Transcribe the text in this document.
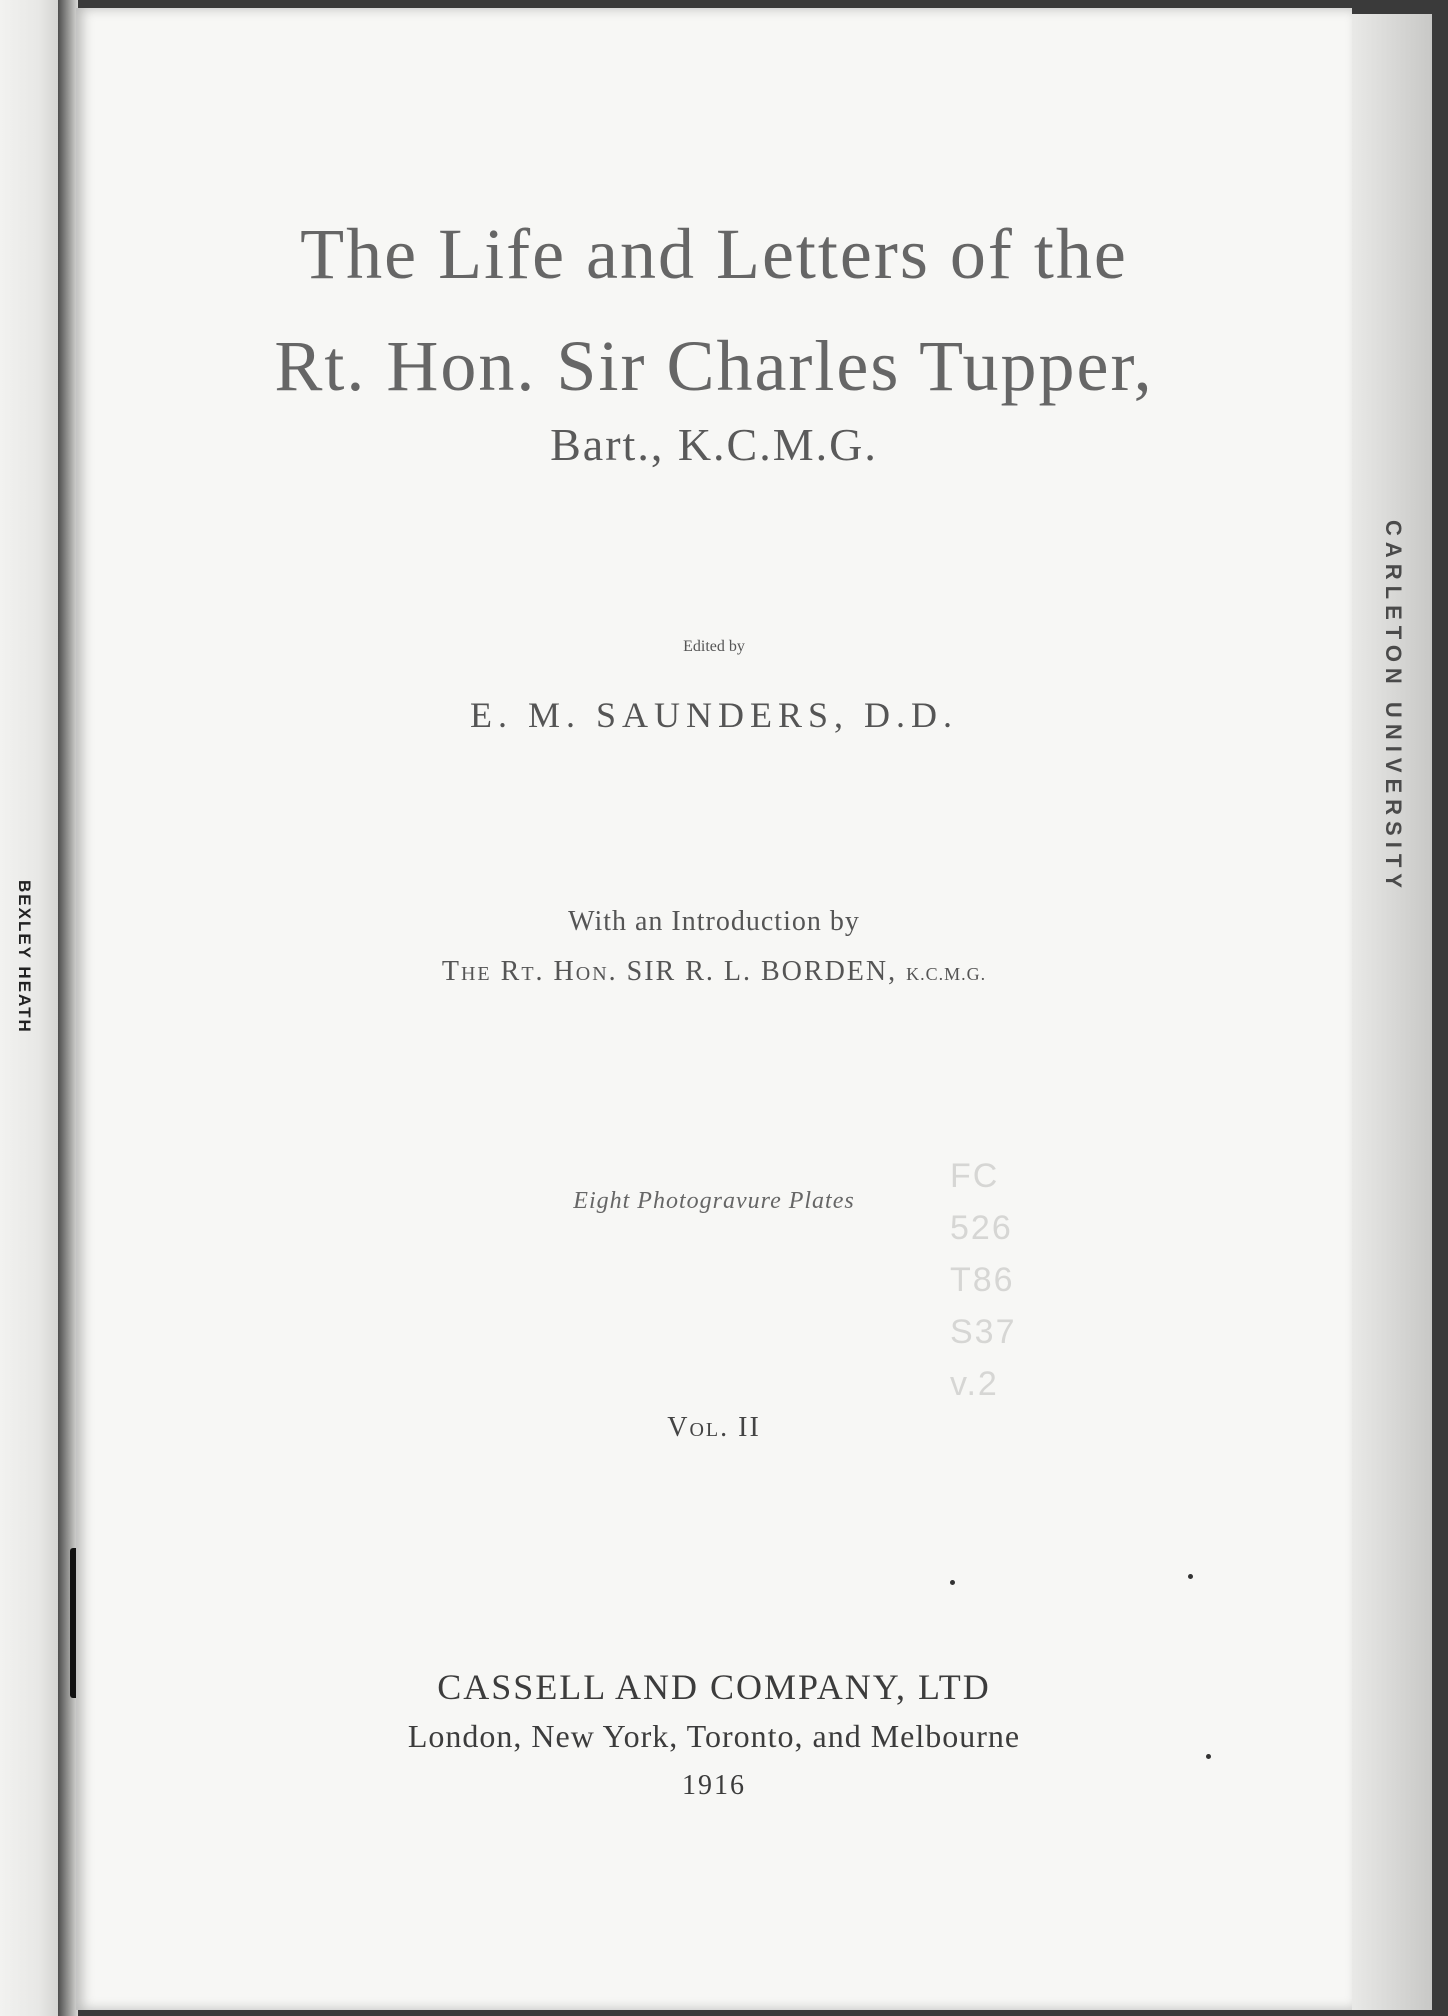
BEXLEY HEATH
CARLETON UNIVERSITY
The Life and Letters of the
Rt. Hon. Sir Charles Tupper,
Bart., K.C.M.G.
Edited by
E. M. SAUNDERS, D.D.
With an Introduction by
The Rt. Hon. SIR R. L. BORDEN, K.C.M.G.
Eight Photogravure Plates
FC
526
T86
S37
v.2
Vol. II
CASSELL AND COMPANY, LTD
London, New York, Toronto, and Melbourne
1916
